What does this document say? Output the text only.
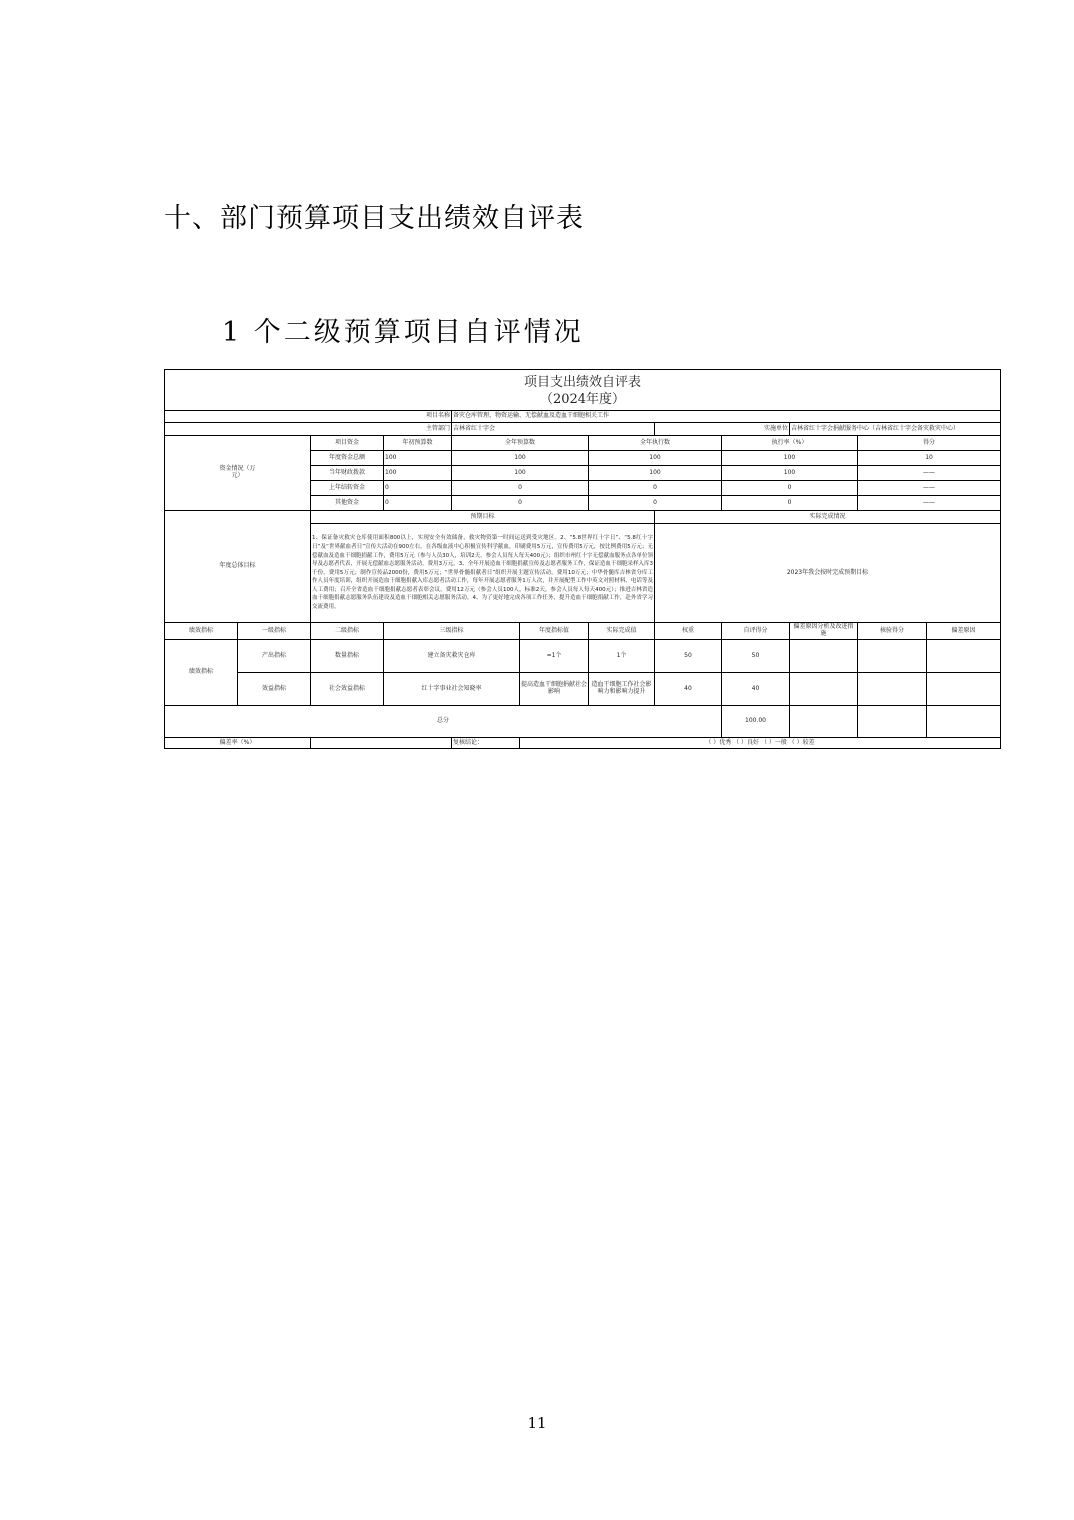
十、部门预算项目支出绩效自评表
1 个二级预算项目自评情况
项目支出绩效自评表
（2024年度）											

		项目名称		备灾仓库管理、物资运输、无偿献血及造血干细胞相关工作							
主管部门				吉林省红十字会			实施单位		吉林省红十字会捐献服务中心（吉林省红十字会备灾救灾中心）		

资金情况（万元）		项目资金	年初预算数	全年预算数		全年执行数		执行率（%）		得分	
		年度资金总额	100	100		100		100		10	
		当年财政拨款	100	100		100		100		——	
		上年结转资金	0	0		0		0		——	
		其他资金	0	0		0		0		——	
年度总体目标		预期目标					实际完成情况				
		1、保证备灾救灾仓库使用面积800以上，实现安全有效储备，救灾物资第一时间运送到受灾地区。2、“5.8世界红十字日”、“5.8红十字日”及“世界献血者日”宣传大活动在900左右，在各级血液中心积极宣传科学献血，印刷费用5万元，宣传费用5万元，按比例费用5万元；无偿献血及造血干细胞捐献工作，费用5万元（参与人员30人，培训2天，参会人员每人每天400元）；组织市州红十字无偿献血服务点各单位领导及志愿者代表，开展无偿献血志愿服务活动，费用3万元。3、全年开展造血干细胞捐献宣传及志愿者服务工作，保证造血干细胞采样入库3千份，费用5万元；制作宣传品2000份，费用5万元；“世界骨髓捐献者日”组织开展主题宣传活动，费用10万元；中华骨髓库吉林省分库工作人员年度培训，组织开展造血干细胞捐献入库志愿者活动工作，每年开展志愿者服务1万人次，并开展配型工作中英文对照材料、电话等及人工费用；召开全省造血干细胞捐献志愿者表彰会议，费用12万元（参会人员100人，标准2天，参会人员每人每天400元）；推进吉林省造血干细胞捐献志愿服务队伍建设及造血干细胞相关志愿服务活动。4、为了更好地完成各项工作任务，提升造血干细胞捐献工作，赴外省学习交流费用。					2023年我会按时完成预期目标				
绩效指标	一级指标	二级指标	三级指标		年度指标值	实际完成值	权重	自评得分	偏差原因分析及改进措施	核验得分	偏差原因
绩效指标	产出指标	数量指标	建立备灾救灾仓库		=1个	1个	50	50			
	效益指标	社会效益指标	红十字事业社会知晓率		提高造血干细胞捐献社会影响	造血干细胞工作社会影响力和影响力提升	40	40			
总分								100.00			
偏差率（%）				复核结论：	（ ）优秀 （ ）良好 （ ）一般 （ ）较差						
11
